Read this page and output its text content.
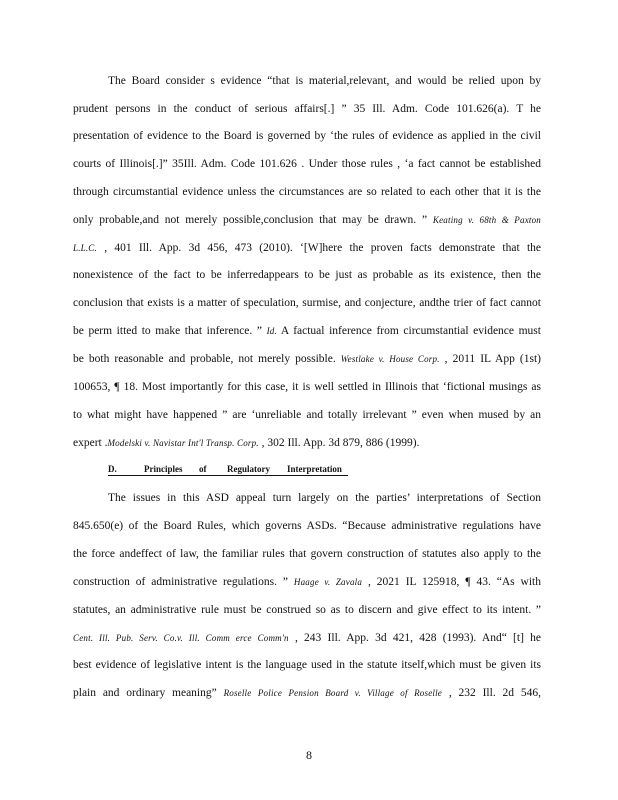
The Board consider s evidence “that is material,relevant, and would be relied upon by
prudent persons in the conduct of serious affairs[.] ” 35 Ill. Adm. Code 101.626(a). T he
presentation of evidence to the Board is governed by ‘the rules of evidence as applied in the civil
courts of Illinois[.]” 35Ill. Adm. Code 101.626 . Under those rules , ‘a fact cannot be established
through circumstantial evidence unless the circumstances are so related to each other that it is the
only probable,and not merely possible,conclusion that may be drawn. ” Keating v. 68th & Paxton
L.L.C. , 401 Ill. App. 3d 456, 473 (2010). ‘[W]here the proven facts demonstrate that the
nonexistence of the fact to be inferredappears to be just as probable as its existence, then the
conclusion that exists is a matter of speculation, surmise, and conjecture, andthe trier of fact cannot
be perm itted to make that inference. ” Id. A factual inference from circumstantial evidence must
be both reasonable and probable, not merely possible. Westlake v. House Corp. , 2011 IL App (1st)
100653, ¶ 18. Most importantly for this case, it is well settled in Illinois that ‘fictional musings as
to what might have happened ” are ‘unreliable and totally irrelevant ” even when mused by an
expert .Modelski v. Navistar Int'l Transp. Corp. , 302 Ill. App. 3d 879, 886 (1999).
D.	Principles of Regulatory Interpretation
The issues in this ASD appeal turn largely on the parties’ interpretations of Section
845.650(e) of the Board Rules, which governs ASDs. “Because administrative regulations have
the force andeffect of law, the familiar rules that govern construction of statutes also apply to the
construction of administrative regulations. ” Haage v. Zavala , 2021 IL 125918, ¶ 43. “As with
statutes, an administrative rule must be construed so as to discern and give effect to its intent. ”
Cent. Ill. Pub. Serv. Co.v. Ill. Comm erce Comm'n , 243 Ill. App. 3d 421, 428 (1993). And“ [t] he
best evidence of legislative intent is the language used in the statute itself,which must be given its
plain and ordinary meaning” Roselle Police Pension Board v. Village of Roselle , 232 Ill. 2d 546,
8
